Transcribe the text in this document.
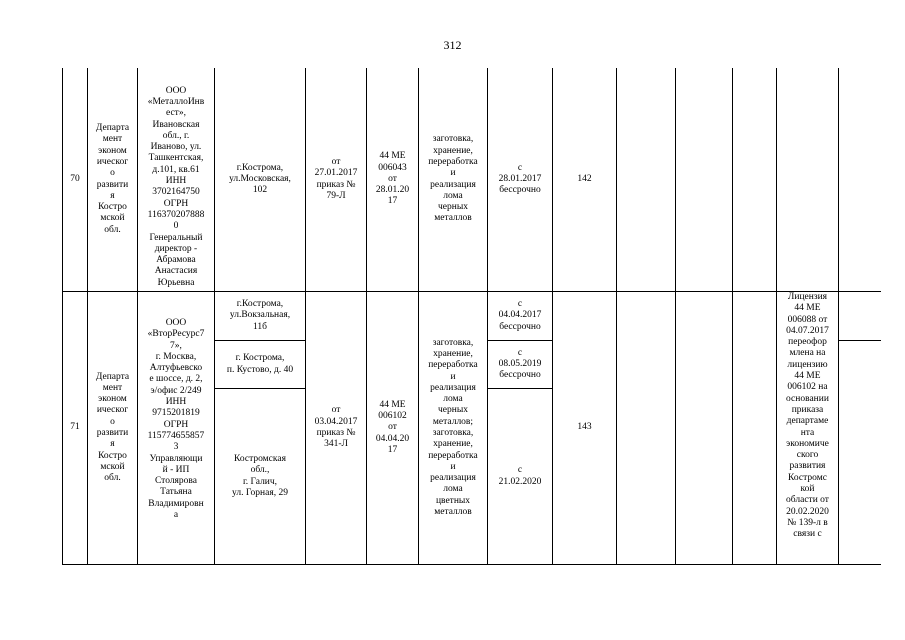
312
70
Департа
мент
эконом
ическог
о
развити
я
Костро
мской
обл.
ООО
«МеталлоИнв
ест»,
Ивановская
обл., г.
Иваново, ул.
Ташкентская,
д.101, кв.61
ИНН
3702164750
ОГРН
116370207888
0
Генеральный
директор -
Абрамова
Анастасия
Юрьевна
г.Кострома,
ул.Московская,
102
от
27.01.2017
приказ №
79-Л
44 МЕ
006043
от
28.01.20
17
заготовка,
хранение,
переработка
и
реализация
лома
черных
металлов
с
28.01.2017
бессрочно
142
71
Департа
мент
эконом
ическог
о
развити
я
Костро
мской
обл.
ООО
«ВторРесурс7
7»,
г. Москва,
Алтуфьевско
е шоссе, д. 2,
э/офис 2/249
ИНН
9715201819
ОГРН
115774655857
3
Управляющи
й - ИП
Столярова
Татьяна
Владимировн
а
г.Кострома,
ул.Вокзальная,
11б
г. Кострома,
п. Кустово, д. 40
Костромская
обл.,
г. Галич,
ул. Горная, 29
от
03.04.2017
приказ №
341-Л
44 МЕ
006102
от
04.04.20
17
заготовка,
хранение,
переработка
и
реализация
лома
черных
металлов;
заготовка,
хранение,
переработка
и
реализация
лома
цветных
металлов
с
04.04.2017
бессрочно
с
08.05.2019
бессрочно
с
21.02.2020
143
Лицензия
44 МЕ
006088 от
04.07.2017
переофор
млена на
лицензию
44 МЕ
006102 на
основании
приказа
департаме
нта
экономиче
ского
развития
Костромс
кой
области от
20.02.2020
№ 139-л в
связи с
